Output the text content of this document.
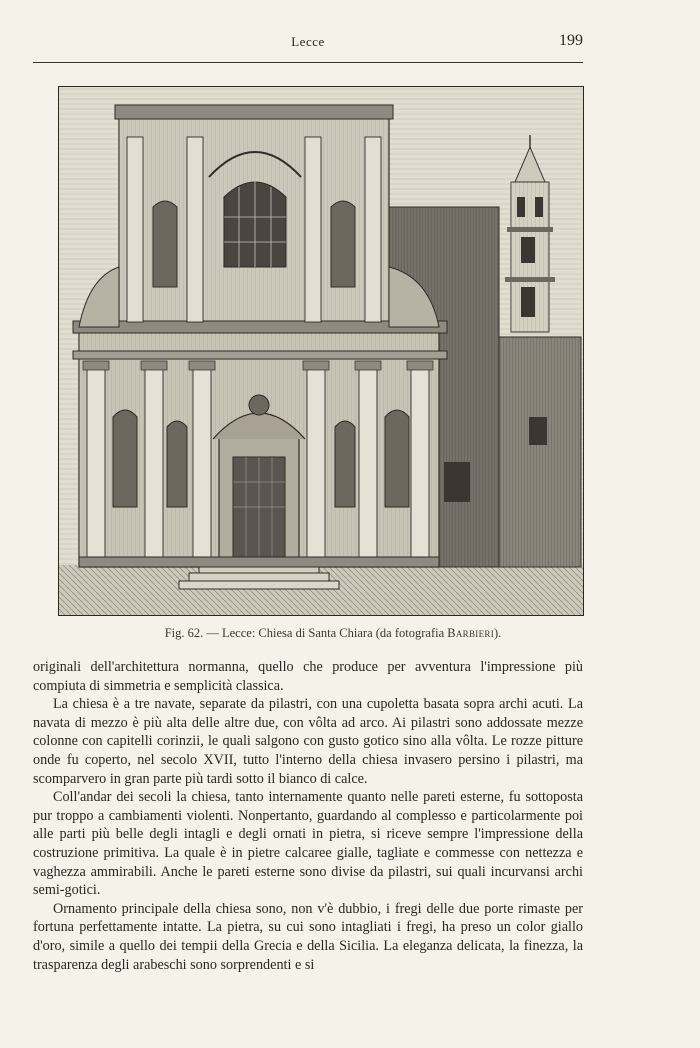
Lecce	199
Fig. 62. — Lecce: Chiesa di Santa Chiara (da fotografia Barbieri).

originali dell'architettura normanna, quello che produce per avventura l'impressione più compiuta di simmetria e semplicità classica.

La chiesa è a tre navate, separate da pilastri, con una cupoletta basata sopra archi acuti. La navata di mezzo è più alta delle altre due, con vôlta ad arco. Ai pilastri sono addossate mezze colonne con capitelli corinzii, le quali salgono con gusto gotico sino alla vôlta. Le rozze pitture onde fu coperto, nel secolo XVII, tutto l'interno della chiesa invasero persino i pilastri, ma scomparvero in gran parte più tardi sotto il bianco di calce.

Coll'andar dei secoli la chiesa, tanto internamente quanto nelle pareti esterne, fu sottoposta pur troppo a cambiamenti violenti. Nonpertanto, guardando al complesso e particolarmente poi alle parti più belle degli intagli e degli ornati in pietra, si riceve sempre l'impressione della costruzione primitiva. La quale è in pietre calcaree gialle, tagliate e commesse con nettezza e vaghezza ammirabili. Anche le pareti esterne sono divise da pilastri, sui quali incurvansi archi semi-gotici.

Ornamento principale della chiesa sono, non v'è dubbio, i fregi delle due porte rimaste per fortuna perfettamente intatte. La pietra, su cui sono intagliati i fregi, ha preso un color giallo d'oro, simile a quello dei tempii della Grecia e della Sicilia. La eleganza delicata, la finezza, la trasparenza degli arabeschi sono sorprendenti e si
